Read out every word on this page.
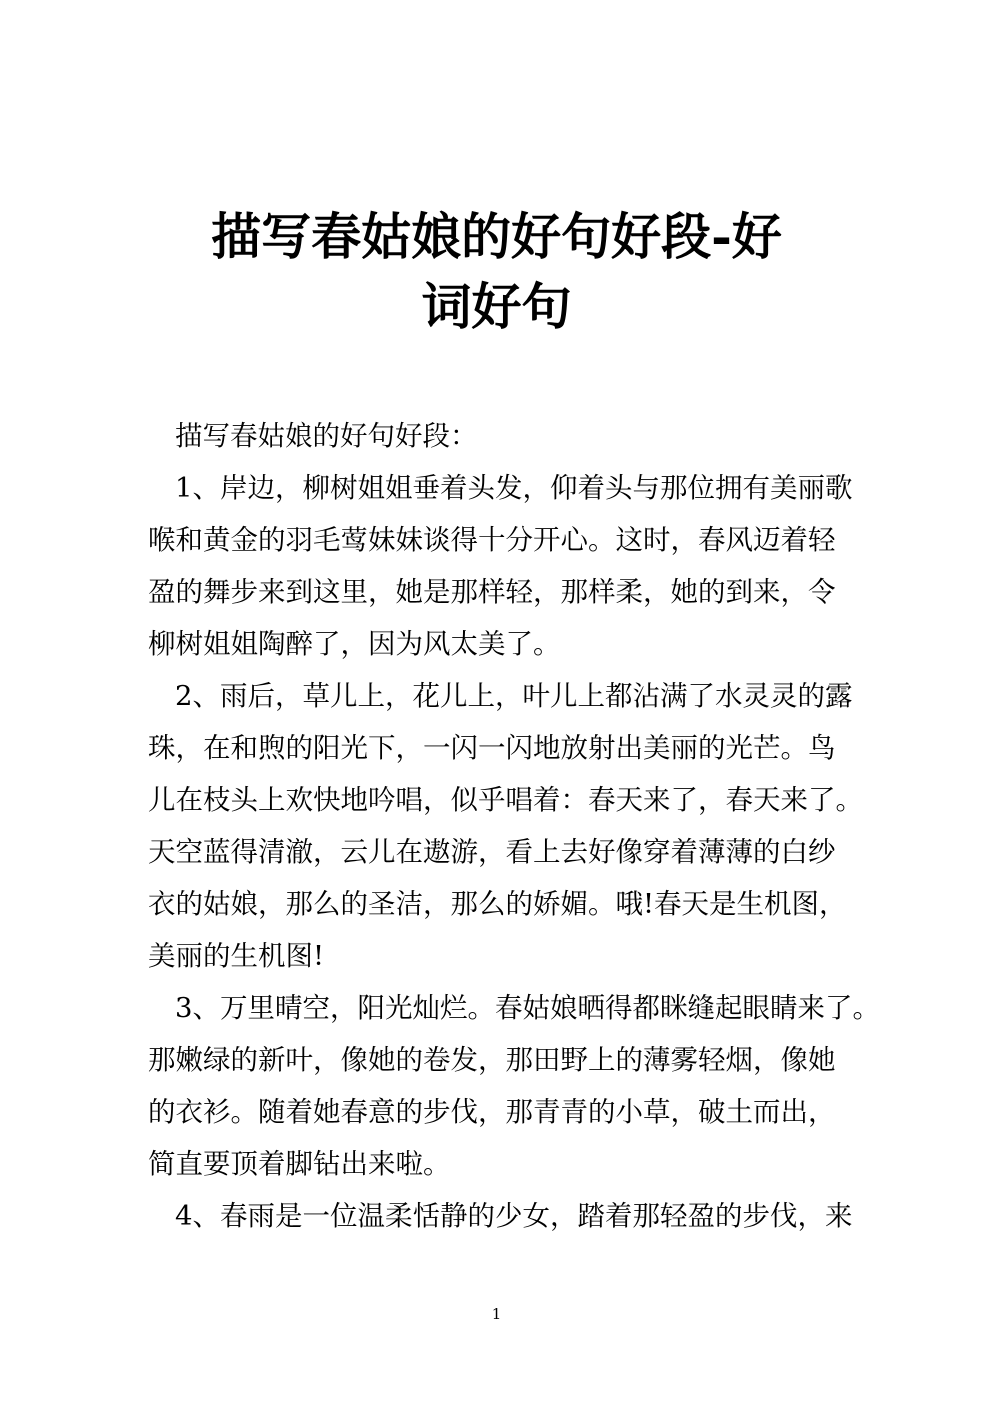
描写春姑娘的好句好段-好
词好句

描写春姑娘的好句好段：

1、岸边，柳树姐姐垂着头发，仰着头与那位拥有美丽歌
喉和黄金的羽毛莺妹妹谈得十分开心。这时，春风迈着轻
盈的舞步来到这里，她是那样轻，那样柔，她的到来，令
柳树姐姐陶醉了，因为风太美了。

2、雨后，草儿上，花儿上，叶儿上都沾满了水灵灵的露
珠，在和煦的阳光下，一闪一闪地放射出美丽的光芒。鸟
儿在枝头上欢快地吟唱，似乎唱着：春天来了，春天来了。
天空蓝得清澈，云儿在遨游，看上去好像穿着薄薄的白纱
衣的姑娘，那么的圣洁，那么的娇媚。哦!春天是生机图，
美丽的生机图!

3、万里晴空，阳光灿烂。春姑娘晒得都眯缝起眼睛来了。
那嫩绿的新叶，像她的卷发，那田野上的薄雾轻烟，像她
的衣衫。随着她春意的步伐，那青青的小草，破土而出，
简直要顶着脚钻出来啦。

4、春雨是一位温柔恬静的少女，踏着那轻盈的步伐，来

1
